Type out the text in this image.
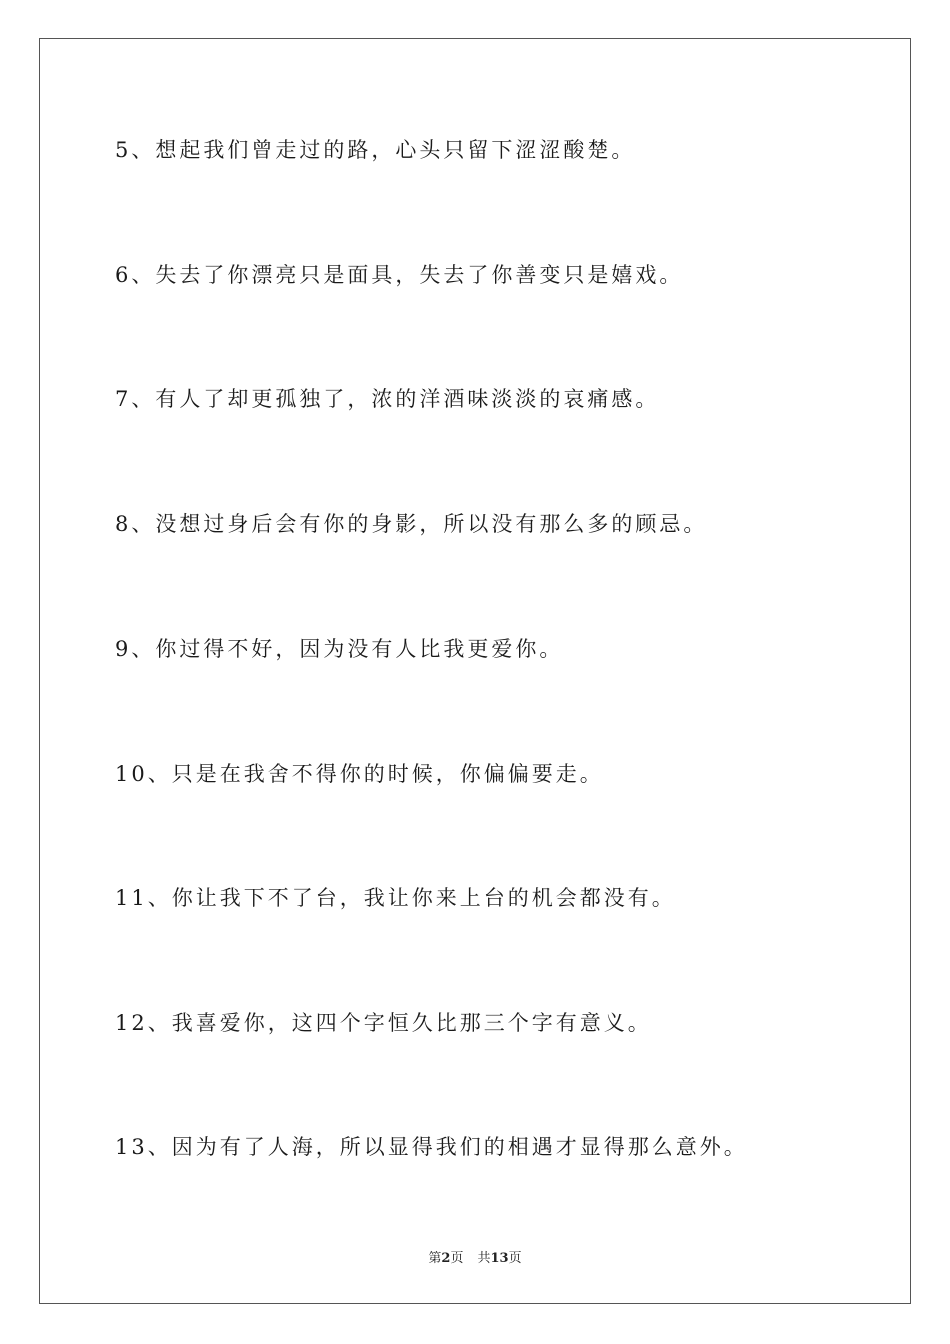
5、想起我们曾走过的路，心头只留下涩涩酸楚。
6、失去了你漂亮只是面具，失去了你善变只是嬉戏。
7、有人了却更孤独了，浓的洋酒味淡淡的哀痛感。
8、没想过身后会有你的身影，所以没有那么多的顾忌。
9、你过得不好，因为没有人比我更爱你。
10、只是在我舍不得你的时候，你偏偏要走。
11、你让我下不了台，我让你来上台的机会都没有。
12、我喜爱你，这四个字恒久比那三个字有意义。
13、因为有了人海，所以显得我们的相遇才显得那么意外。
第2页 共13页
